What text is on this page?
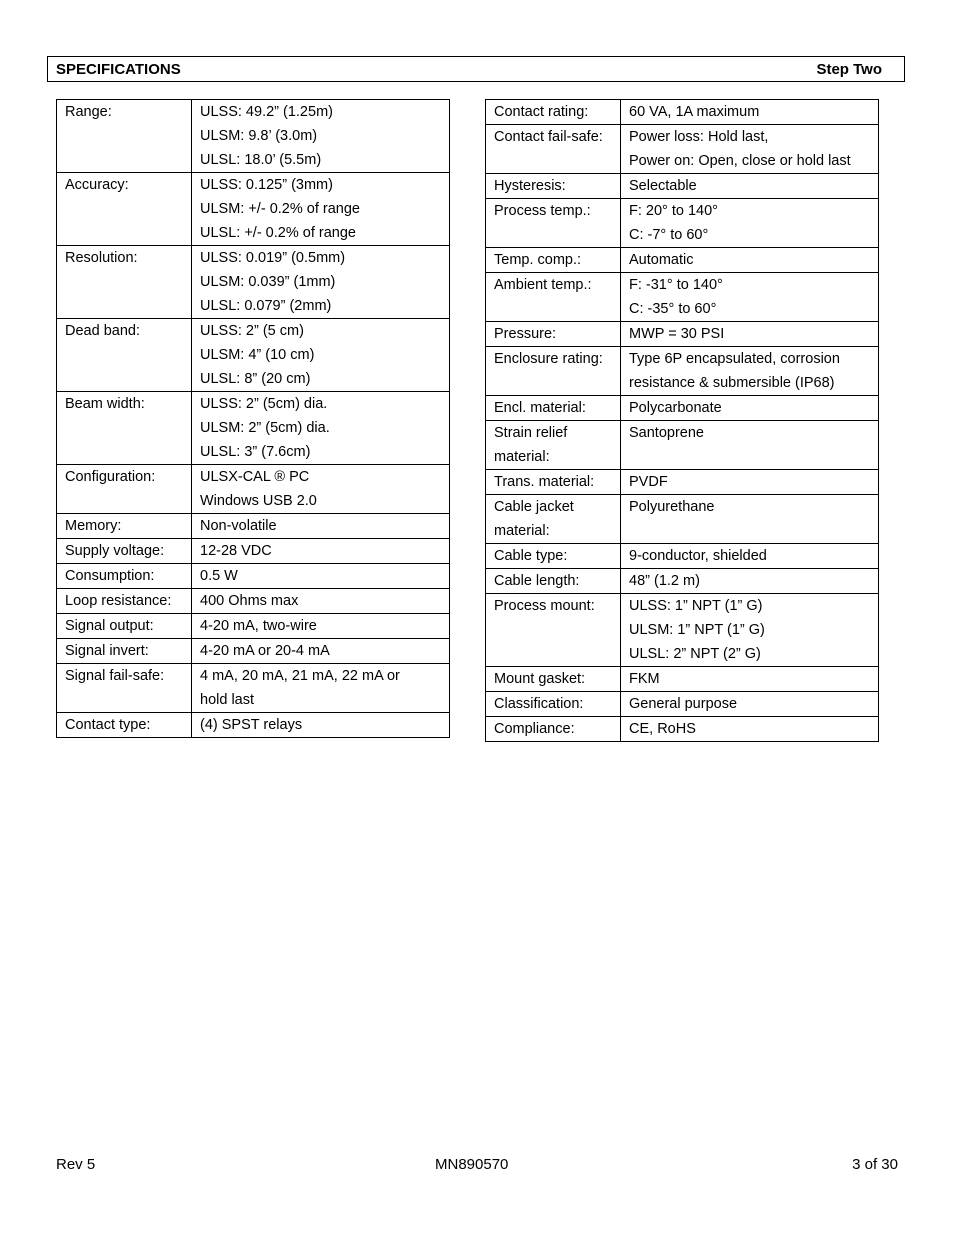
SPECIFICATIONS	Step Two
Range:	ULSS: 49.2” (1.25m)
ULSM: 9.8’ (3.0m)
ULSL: 18.0’ (5.5m)

Accuracy:	ULSS: 0.125” (3mm)
ULSM: +/- 0.2% of range
ULSL: +/- 0.2% of range

Resolution:	ULSS: 0.019” (0.5mm)
ULSM: 0.039” (1mm)
ULSL: 0.079” (2mm)

Dead band:	ULSS: 2” (5 cm)
ULSM: 4” (10 cm)
ULSL: 8” (20 cm)

Beam width:	ULSS: 2” (5cm) dia.
ULSM: 2” (5cm) dia.
ULSL: 3” (7.6cm)

Configuration:	ULSX-CAL ® PC
Windows USB 2.0

Memory:	Non-volatile

Supply voltage:	12-28 VDC

Consumption:	0.5 W

Loop resistance:	400 Ohms max

Signal output:	4-20 mA, two-wire

Signal invert:	4-20 mA or 20-4 mA

Signal fail-safe:	4 mA, 20 mA, 21 mA, 22 mA or
hold last

Contact type:	(4) SPST relays
Contact rating:	60 VA, 1A maximum

Contact fail-safe:	Power loss: Hold last,
Power on: Open, close or hold last

Hysteresis:	Selectable

Process temp.:	F: 20° to 140°
C: -7° to 60°

Temp. comp.:	Automatic

Ambient temp.:	F: -31° to 140°
C: -35° to 60°

Pressure:	MWP = 30 PSI

Enclosure rating:	Type 6P encapsulated, corrosion
resistance & submersible (IP68)

Encl. material:	Polycarbonate

Strain relief material:	Santoprene

Trans. material:	PVDF

Cable jacket material:	Polyurethane

Cable type:	9-conductor, shielded

Cable length:	48” (1.2 m)

Process mount:	ULSS: 1” NPT (1” G)
ULSM: 1” NPT (1” G)
ULSL: 2” NPT (2” G)

Mount gasket:	FKM

Classification:	General purpose

Compliance:	CE, RoHS
Rev 5	MN890570	3 of 30
